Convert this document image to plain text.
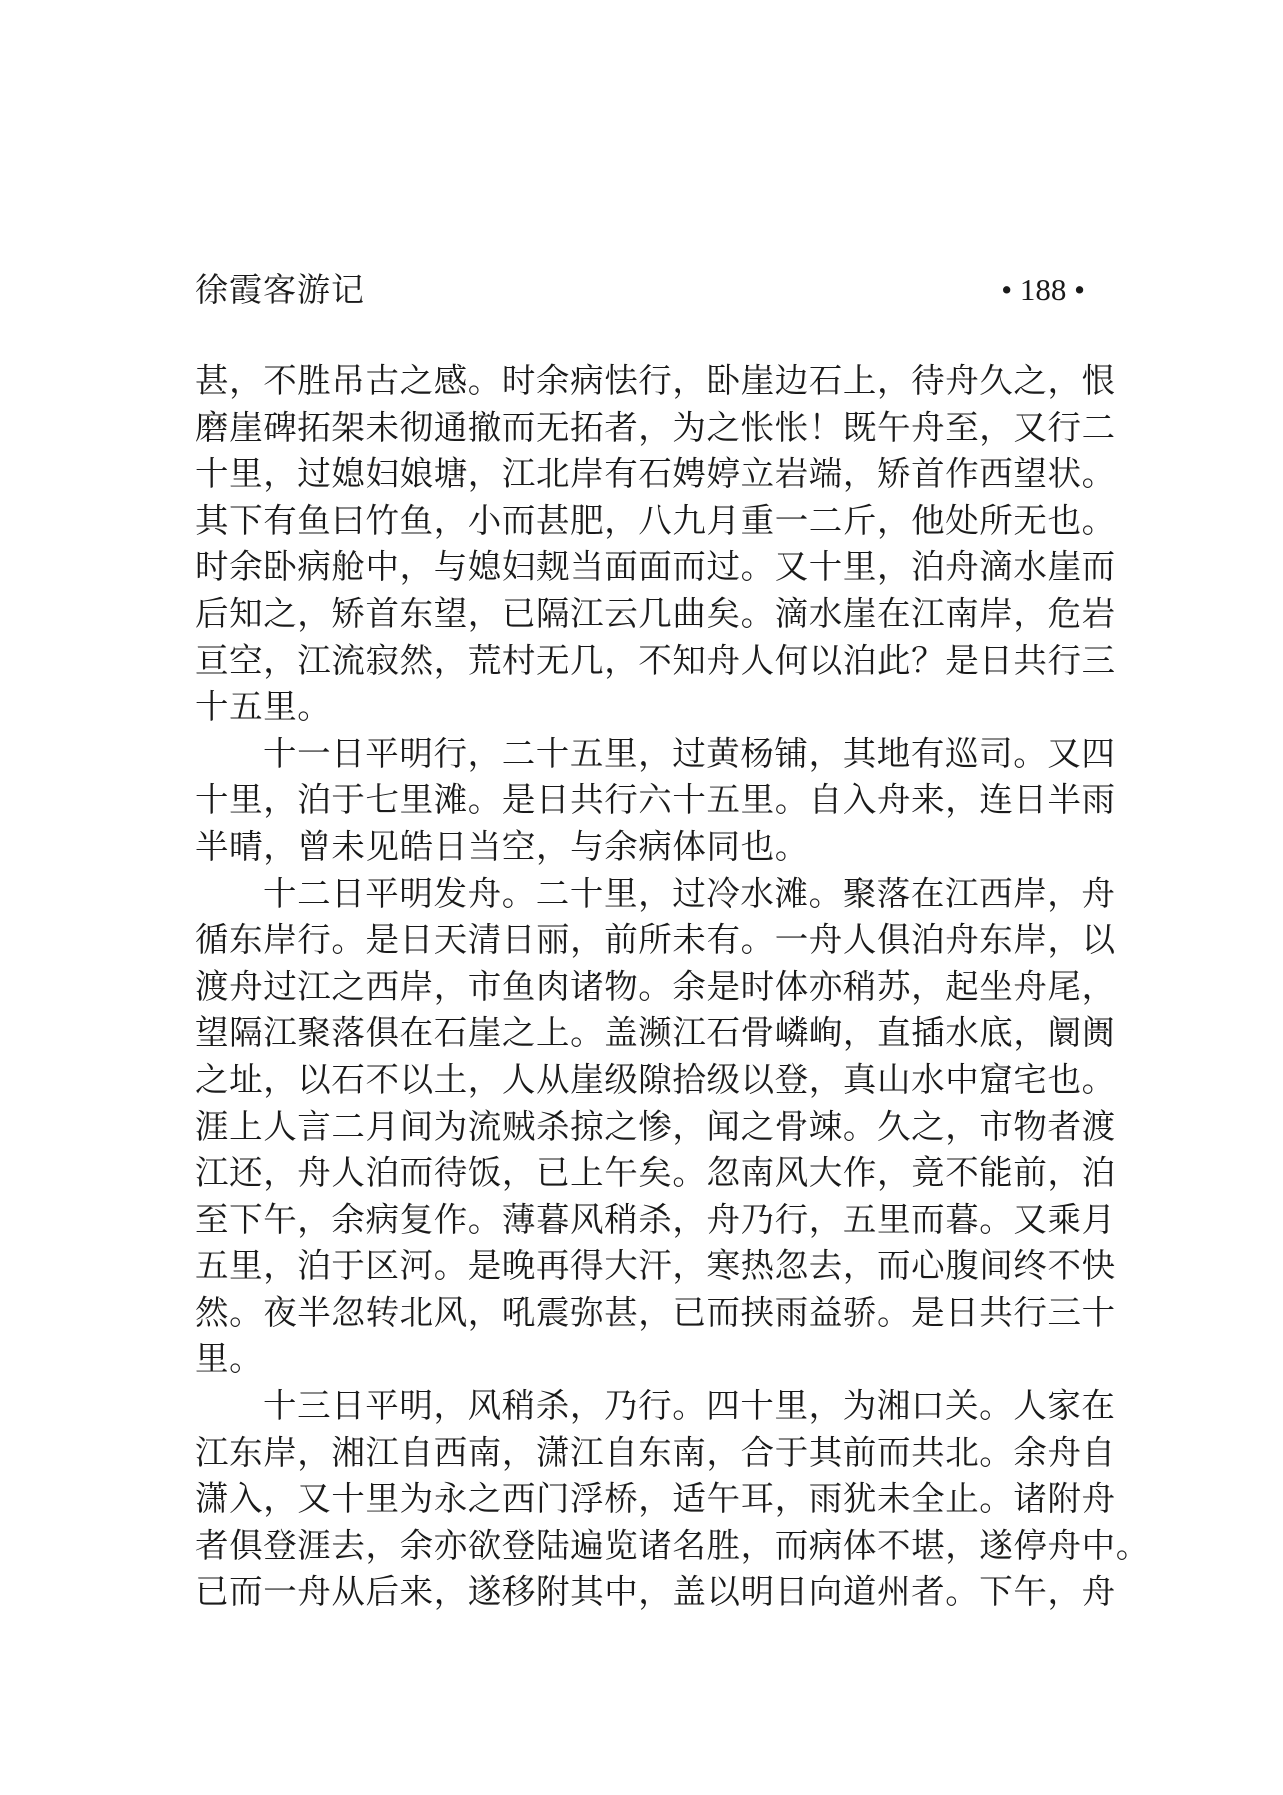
徐霞客游记	• 188 •
甚，不胜吊古之感。时余病怯行，卧崖边石上，待舟久之，恨
磨崖碑拓架未彻通撤而无拓者，为之怅怅！既午舟至，又行二
十里，过媳妇娘塘，江北岸有石娉婷立岩端，矫首作西望状。
其下有鱼曰竹鱼，小而甚肥，八九月重一二斤，他处所无也。
时余卧病舱中，与媳妇觌当面面而过。又十里，泊舟滴水崖而
后知之，矫首东望，已隔江云几曲矣。滴水崖在江南岸，危岩
亘空，江流寂然，荒村无几，不知舟人何以泊此？是日共行三
十五里。
十一日平明行，二十五里，过黄杨铺，其地有巡司。又四
十里，泊于七里滩。是日共行六十五里。自入舟来，连日半雨
半晴，曾未见皓日当空，与余病体同也。
十二日平明发舟。二十里，过冷水滩。聚落在江西岸，舟
循东岸行。是日天清日丽，前所未有。一舟人俱泊舟东岸，以
渡舟过江之西岸，市鱼肉诸物。余是时体亦稍苏，起坐舟尾，
望隔江聚落俱在石崖之上。盖濒江石骨嶙峋，直插水底，阛阓
之址，以石不以土，人从崖级隙拾级以登，真山水中窟宅也。
涯上人言二月间为流贼杀掠之惨，闻之骨竦。久之，市物者渡
江还，舟人泊而待饭，已上午矣。忽南风大作，竟不能前，泊
至下午，余病复作。薄暮风稍杀，舟乃行，五里而暮。又乘月
五里，泊于区河。是晚再得大汗，寒热忽去，而心腹间终不快
然。夜半忽转北风，吼震弥甚，已而挟雨益骄。是日共行三十
里。
十三日平明，风稍杀，乃行。四十里，为湘口关。人家在
江东岸，湘江自西南，潇江自东南，合于其前而共北。余舟自
潇入，又十里为永之西门浮桥，适午耳，雨犹未全止。诸附舟
者俱登涯去，余亦欲登陆遍览诸名胜，而病体不堪，遂停舟中。
已而一舟从后来，遂移附其中，盖以明日向道州者。下午，舟
